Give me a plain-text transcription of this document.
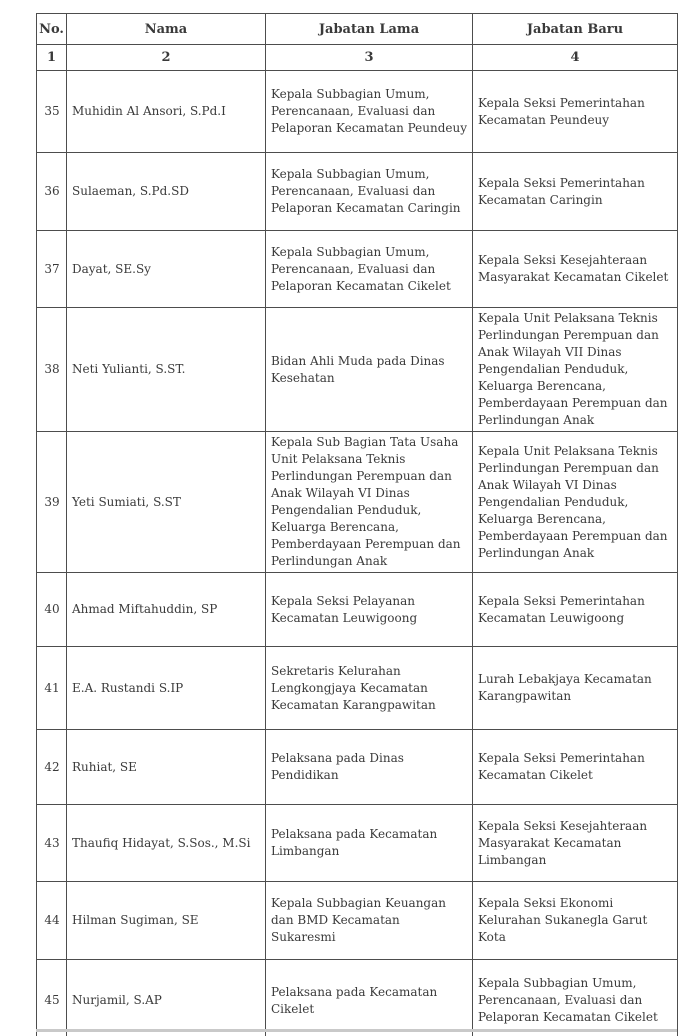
No.	Nama	Jabatan Lama	Jabatan Baru
1	2	3	4
35	Muhidin Al Ansori, S.Pd.I	Kepala Subbagian Umum, Perencanaan, Evaluasi dan Pelaporan Kecamatan Peundeuy	Kepala Seksi Pemerintahan Kecamatan Peundeuy
36	Sulaeman, S.Pd.SD	Kepala Subbagian Umum, Perencanaan, Evaluasi dan Pelaporan Kecamatan Caringin	Kepala Seksi Pemerintahan Kecamatan Caringin
37	Dayat, SE.Sy	Kepala Subbagian Umum, Perencanaan, Evaluasi dan Pelaporan Kecamatan Cikelet	Kepala Seksi Kesejahteraan Masyarakat Kecamatan Cikelet
38	Neti Yulianti, S.ST.	Bidan Ahli Muda pada Dinas Kesehatan	Kepala Unit Pelaksana Teknis Perlindungan Perempuan dan Anak Wilayah VII Dinas Pengendalian Penduduk, Keluarga Berencana, Pemberdayaan Perempuan dan Perlindungan Anak
39	Yeti Sumiati, S.ST	Kepala Sub Bagian Tata Usaha Unit Pelaksana Teknis Perlindungan Perempuan dan Anak Wilayah VI Dinas Pengendalian Penduduk, Keluarga Berencana, Pemberdayaan Perempuan dan Perlindungan Anak	Kepala Unit Pelaksana Teknis Perlindungan Perempuan dan Anak Wilayah VI Dinas Pengendalian Penduduk, Keluarga Berencana, Pemberdayaan Perempuan dan Perlindungan Anak
40	Ahmad Miftahuddin, SP	Kepala Seksi Pelayanan Kecamatan Leuwigoong	Kepala Seksi Pemerintahan Kecamatan Leuwigoong
41	E.A. Rustandi S.IP	Sekretaris Kelurahan Lengkongjaya Kecamatan Kecamatan Karangpawitan	Lurah Lebakjaya Kecamatan Karangpawitan
42	Ruhiat, SE	Pelaksana pada Dinas Pendidikan	Kepala Seksi Pemerintahan Kecamatan Cikelet
43	Thaufiq Hidayat, S.Sos., M.Si	Pelaksana pada Kecamatan Limbangan	Kepala Seksi Kesejahteraan Masyarakat Kecamatan Limbangan
44	Hilman Sugiman, SE	Kepala Subbagian Keuangan dan BMD Kecamatan Sukaresmi	Kepala Seksi Ekonomi Kelurahan Sukanegla Garut Kota
45	Nurjamil, S.AP	Pelaksana pada Kecamatan Cikelet	Kepala Subbagian Umum, Perencanaan, Evaluasi dan Pelaporan Kecamatan Cikelet
